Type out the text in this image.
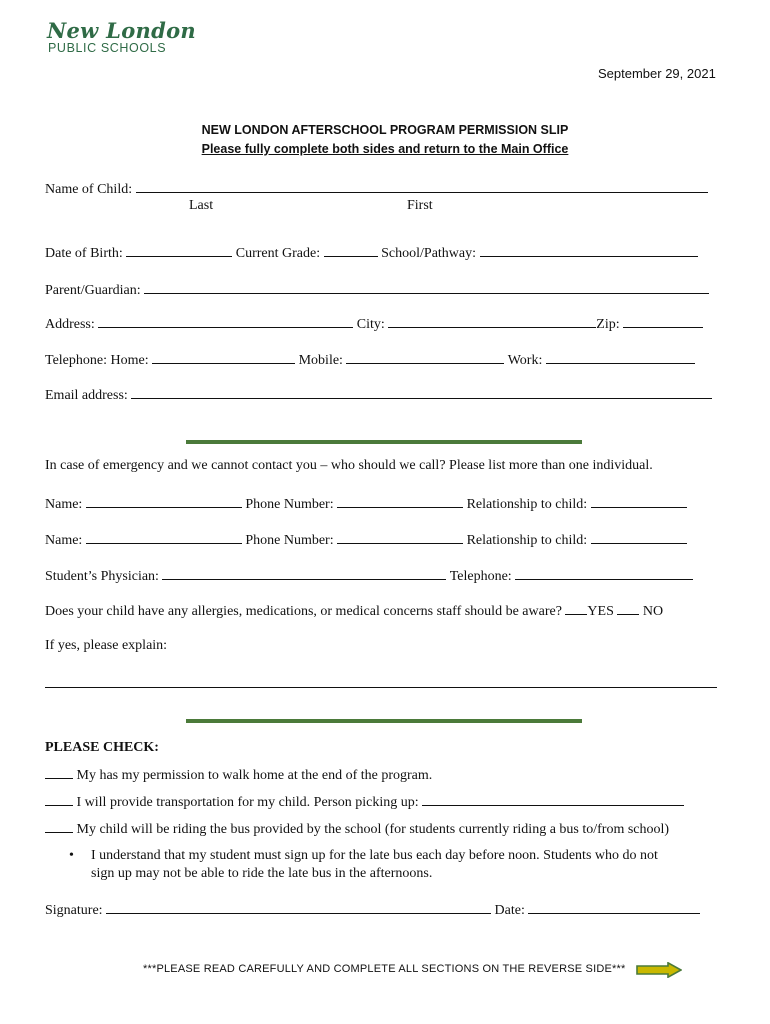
New London
PUBLIC SCHOOLS
September 29, 2021
NEW LONDON AFTERSCHOOL PROGRAM PERMISSION SLIP
Please fully complete both sides and return to the Main Office
Name of Child:
Last	First
Date of Birth:	Current Grade:	School/Pathway:
Parent/Guardian:
Address:	City:	Zip:
Telephone: Home:	Mobile:	Work:
Email address:
In case of emergency and we cannot contact you – who should we call? Please list more than one individual.
Name:	Phone Number:	Relationship to child:
Name:	Phone Number:	Relationship to child:
Student’s Physician:	Telephone:
Does your child have any allergies, medications, or medical concerns staff should be aware? YES NO
If yes, please explain:
PLEASE CHECK:
My has my permission to walk home at the end of the program.
I will provide transportation for my child. Person picking up:
My child will be riding the bus provided by the school (for students currently riding a bus to/from school)
• I understand that my student must sign up for the late bus each day before noon. Students who do not
sign up may not be able to ride the late bus in the afternoons.
Signature:	Date:
***PLEASE READ CAREFULLY AND COMPLETE ALL SECTIONS ON THE REVERSE SIDE***
